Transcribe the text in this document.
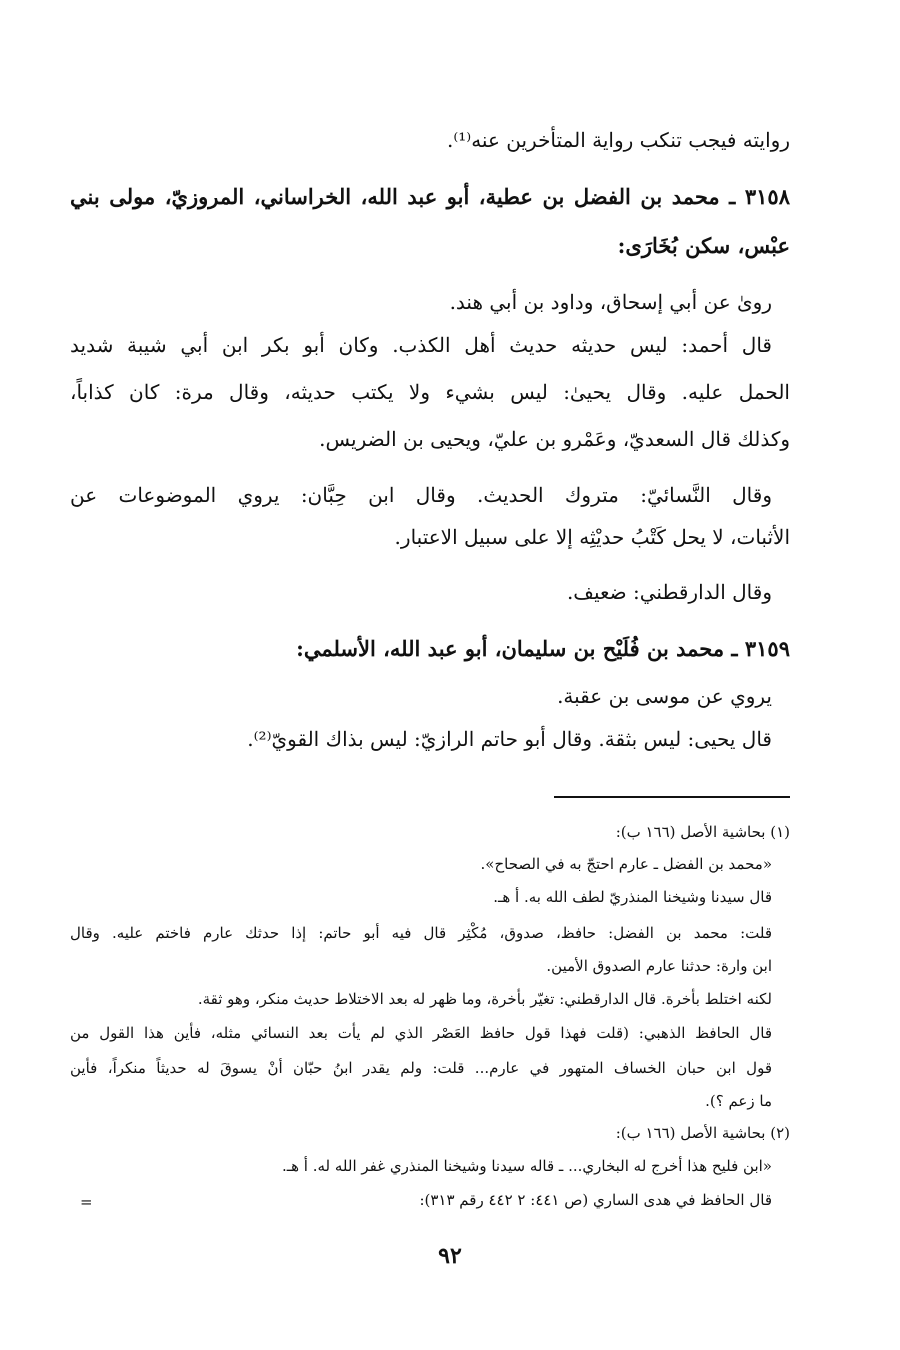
روايته فيجب تنكب رواية المتأخرين عنه⁽¹⁾.
٣١٥٨ ـ محمد بن الفضل بن عطية، أبو عبد الله، الخراساني، المروزيّ، مولى بني
عبْس، سكن بُخَارَى:
رویٰ عن أبي إسحاق، وداود بن أبي هند.
قال أحمد: ليس حديثه حديث أهل الكذب. وكان أبو بكر ابن أبي شيبة شديد
الحمل عليه. وقال يحيىٰ: ليس بشيء ولا يكتب حديثه، وقال مرة: كان كذاباً،
وكذلك قال السعديّ، وعَمْرو بن عليّ، ويحيى بن الضريس.
وقال النَّسائيّ: متروك الحديث. وقال ابن حِبَّان: يروي الموضوعات عن
الأثبات، لا يحل كَتْبُ حديْثِه إلا على سبيل الاعتبار.
وقال الدارقطني: ضعيف.
٣١٥٩ ـ محمد بن فُلَيْح بن سليمان، أبو عبد الله، الأسلمي:
يروي عن موسى بن عقبة.
قال يحيى: ليس بثقة. وقال أبو حاتم الرازيّ: ليس بذاك القويّ⁽²⁾.
(١) بحاشية الأصل (١٦٦ ب):
«محمد بن الفضل ـ عارم احتجّ به في الصحاح».
قال سيدنا وشيخنا المنذريّ لطف الله به. أ هـ.
قلت: محمد بن الفضل: حافظ، صدوق، مُكْثِر قال فيه أبو حاتم: إذا حدثك عارم فاختم عليه. وقال
ابن وارة: حدثنا عارم الصدوق الأمين.
لكنه اختلط بأخرة. قال الدارقطني: تغيّر بأخرة، وما ظهر له بعد الاختلاط حديث منكر، وهو ثقة.
قال الحافظ الذهبي: (قلت فهذا قول حافظ العَصْر الذي لم يأت بعد النسائي مثله، فأين هذا القول من
قول ابن حبان الخساف المتهور في عارم... قلت: ولم يقدر ابنُ حبّان أنْ يسوقَ له حديثاً منكراً، فأين
ما زعم ؟).
(٢) بحاشية الأصل (١٦٦ ب):
«ابن فليح هذا أخرج له البخاري... ـ قاله سيدنا وشيخنا المنذري غفر الله له. أ هـ.
قال الحافظ في هدى الساري (ص ٤٤١: ٢ ٤٤٢ رقم ٣١٣):
=
٩٢
